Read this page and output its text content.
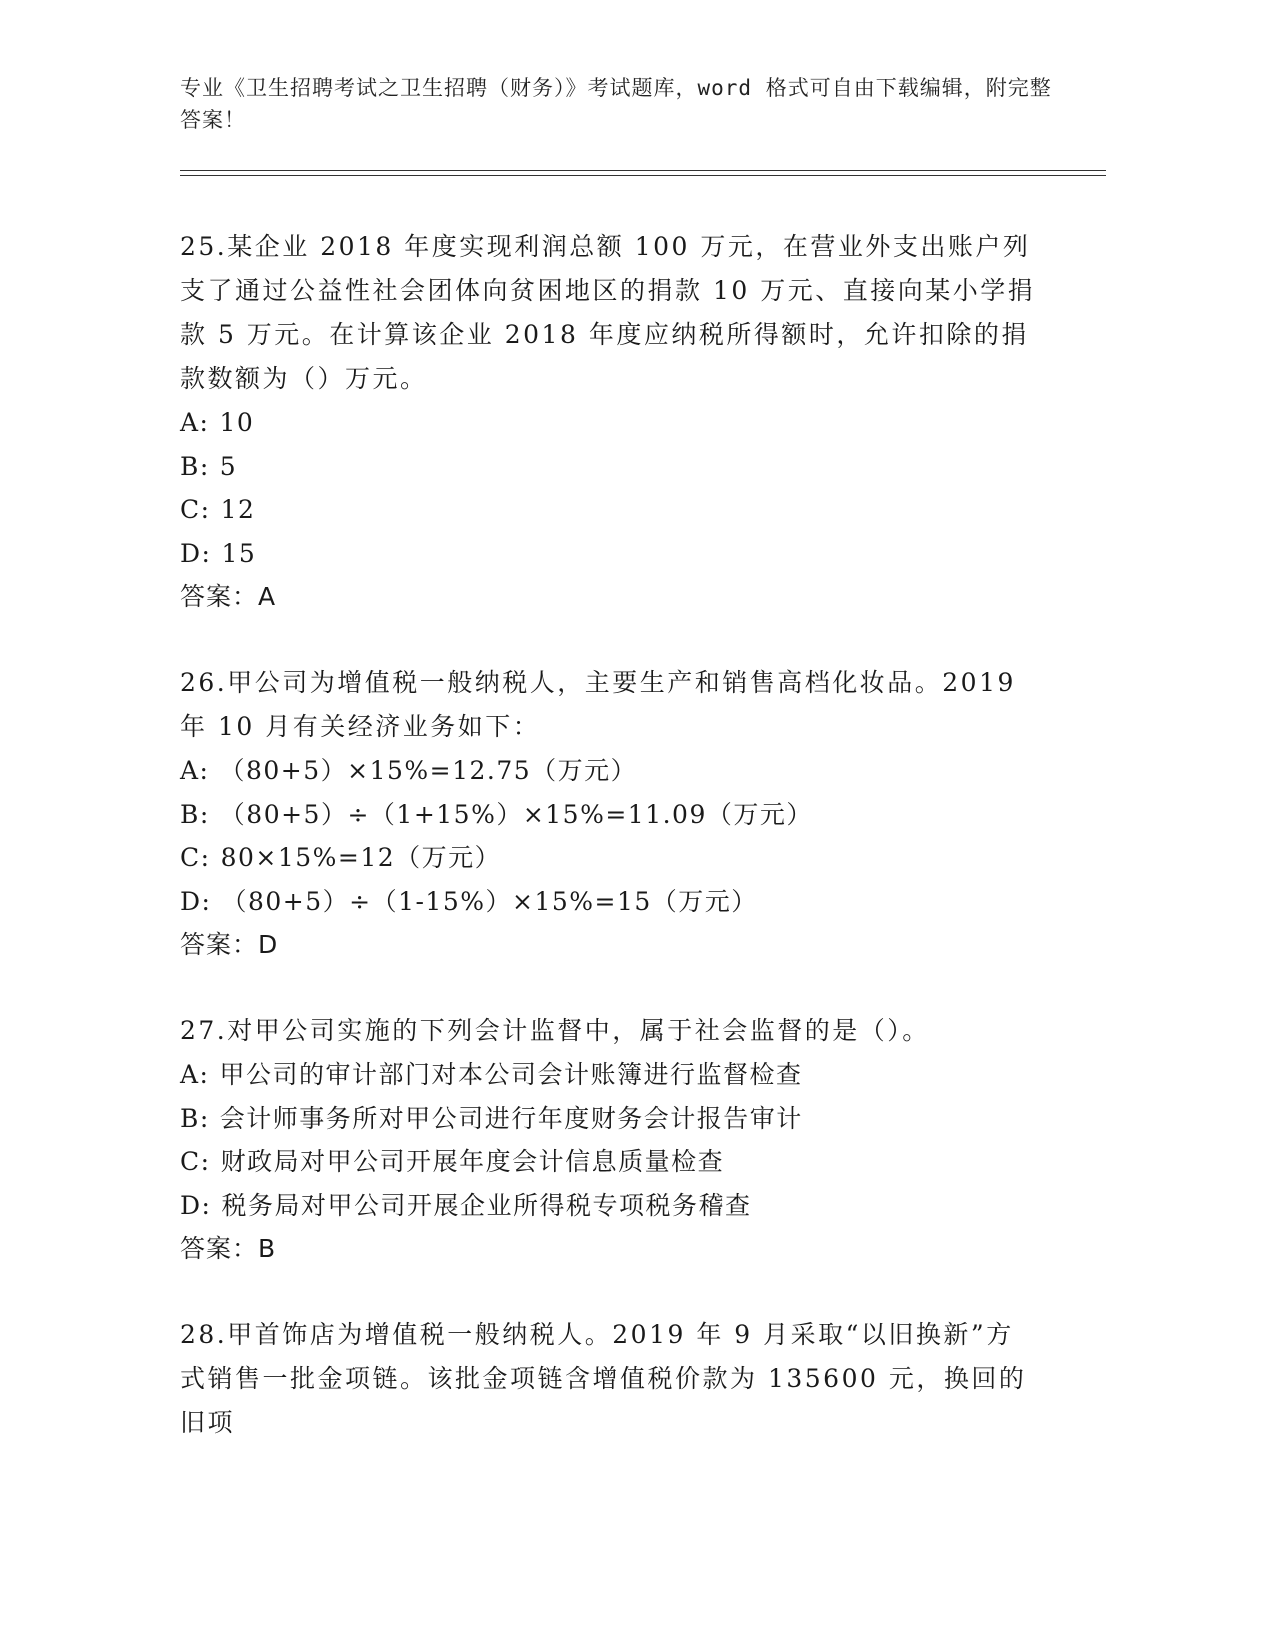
专业《卫生招聘考试之卫生招聘（财务）》考试题库，word 格式可自由下载编辑，附完整答案！

25.某企业 2018 年度实现利润总额 100 万元，在营业外支出账户列支了通过公益性社会团体向贫困地区的捐款 10 万元、直接向某小学捐款 5 万元。在计算该企业 2018 年度应纳税所得额时，允许扣除的捐款数额为（）万元。

A: 10

B: 5

C: 12

D: 15

答案：A

26.甲公司为增值税一般纳税人，主要生产和销售高档化妆品。2019 年 10 月有关经济业务如下：

A: （80+5）×15%=12.75（万元）

B: （80+5）÷（1+15%）×15%=11.09（万元）

C: 80×15%=12（万元）

D: （80+5）÷（1-15%）×15%=15（万元）

答案：D

27.对甲公司实施的下列会计监督中，属于社会监督的是（）。

A: 甲公司的审计部门对本公司会计账簿进行监督检查

B: 会计师事务所对甲公司进行年度财务会计报告审计

C: 财政局对甲公司开展年度会计信息质量检查

D: 税务局对甲公司开展企业所得税专项税务稽查

答案：B

28.甲首饰店为增值税一般纳税人。2019 年 9 月采取“以旧换新”方式销售一批金项链。该批金项链含增值税价款为 135600 元，换回的旧项
